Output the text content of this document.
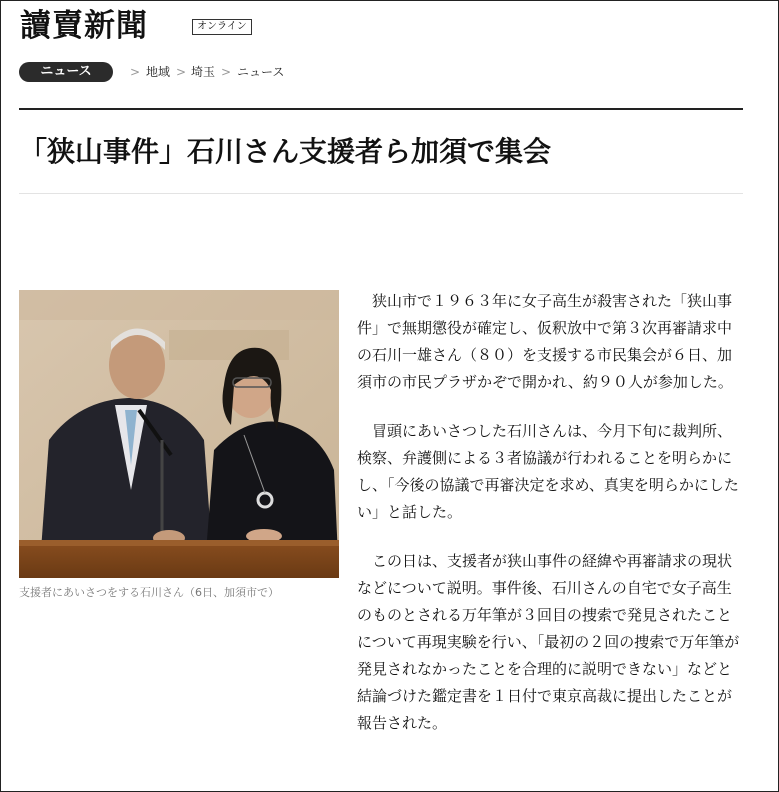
讀賣新聞	オンライン
ニュース	> 地域 > 埼玉 > ニュース
「狭山事件」石川さん支援者ら加須で集会
支援者にあいさつをする石川さん（6日、加須市で）

狭山市で１９６３年に女子高生が殺害された「狭山事件」で無期懲役が確定し、仮釈放中で第３次再審請求中の石川一雄さん（８０）を支援する市民集会が６日、加須市の市民プラザかぞで開かれ、約９０人が参加した。

冒頭にあいさつした石川さんは、今月下旬に裁判所、検察、弁護側による３者協議が行われることを明らかにし、「今後の協議で再審決定を求め、真実を明らかにしたい」と話した。

この日は、支援者が狭山事件の経緯や再審請求の現状などについて説明。事件後、石川さんの自宅で女子高生のものとされる万年筆が３回目の捜索で発見されたことについて再現実験を行い、「最初の２回の捜索で万年筆が発見されなかったことを合理的に説明できない」などと結論づけた鑑定書を１日付で東京高裁に提出したことが報告された。
